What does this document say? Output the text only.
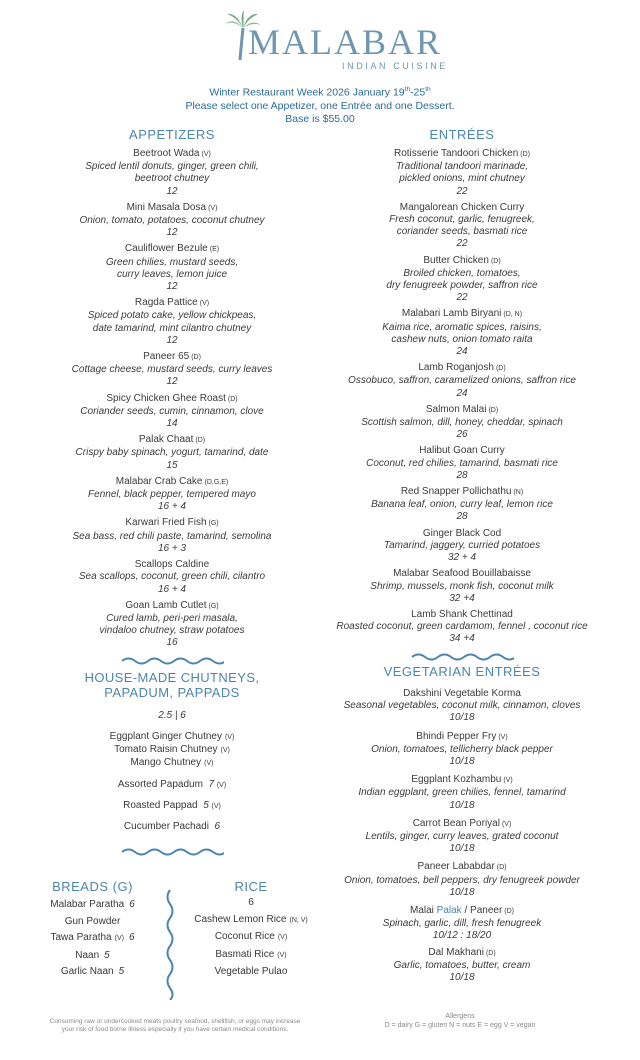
MALABAR
INDIAN CUISINE
Winter Restaurant Week 2026 January 19th-25th
Please select one Appetizer, one Entrée and one Dessert.
Base is $55.00
APPETIZERS
Beetroot Wada (V)
Spiced lentil donuts, ginger, green chili,
beetroot chutney
12
Mini Masala Dosa (V)
Onion, tomato, potatoes, coconut chutney
12
Cauliflower Bezule (E)
Green chilies, mustard seeds,
curry leaves, lemon juice
12
Ragda Pattice (V)
Spiced potato cake, yellow chickpeas,
date tamarind, mint cilantro chutney
12
Paneer 65 (D)
Cottage cheese, mustard seeds, curry leaves
12
Spicy Chicken Ghee Roast (D)
Coriander seeds, cumin, cinnamon, clove
14
Palak Chaat (D)
Crispy baby spinach, yogurt, tamarind, date
15
Malabar Crab Cake (D,G,E)
Fennel, black pepper, tempered mayo
16 + 4
Karwari Fried Fish (G)
Sea bass, red chili paste, tamarind, semolina
16 + 3
Scallops Caldine
Sea scallops, coconut, green chili, cilantro
16 + 4
Goan Lamb Cutlet (G)
Cured lamb, peri-peri masala,
vindaloo chutney, straw potatoes
16
ENTRÉES
Rotisserie Tandoori Chicken (D)
Traditional tandoori marinade,
pickled onions, mint chutney
22
Mangalorean Chicken Curry
Fresh coconut, garlic, fenugreek,
coriander seeds, basmati rice
22
Butter Chicken (D)
Broiled chicken, tomatoes,
dry fenugreek powder, saffron rice
22
Malabari Lamb Biryani (D, N)
Kaima rice, aromatic spices, raisins,
cashew nuts, onion tomato raita
24
Lamb Roganjosh (D)
Ossobuco, saffron, caramelized onions, saffron rice
24
Salmon Malai (D)
Scottish salmon, dill, honey, cheddar, spinach
26
Halibut Goan Curry
Coconut, red chilies, tamarind, basmati rice
28
Red Snapper Pollichathu (N)
Banana leaf, onion, curry leaf, lemon rice
28
Ginger Black Cod
Tamarind, jaggery, curried potatoes
32 + 4
Malabar Seafood Bouillabaisse
Shrimp, mussels, monk fish, coconut milk
32 +4
Lamb Shank Chettinad
Roasted coconut, green cardamom, fennel , coconut rice
34 +4
HOUSE-MADE CHUTNEYS,
PAPADUM, PAPPADS
2.5 | 6
Eggplant Ginger Chutney (V)
Tomato Raisin Chutney (V)
Mango Chutney (V)
Assorted Papadum 7 (V)
Roasted Pappad 5 (V)
Cucumber Pachadi 6
VEGETARIAN ENTRÉES
Dakshini Vegetable Korma
Seasonal vegetables, coconut milk, cinnamon, cloves
10/18
Bhindi Pepper Fry (V)
Onion, tomatoes, tellicherry black pepper
10/18
Eggplant Kozhambu (V)
Indian eggplant, green chilies, fennel, tamarind
10/18
Carrot Bean Poriyal (V)
Lentils, ginger, curry leaves, grated coconut
10/18
Paneer Lababdar (D)
Onion, tomatoes, bell peppers, dry fenugreek powder
10/18
Malai Palak / Paneer (D)
Spinach, garlic, dill, fresh fenugreek
10/12 : 18/20
Dal Makhani (D)
Garlic, tomatoes, butter, cream
10/18
BREADS (G)
Malabar Paratha 6
Gun Powder
Tawa Paratha (V) 6
Naan 5
Garlic Naan 5
RICE
6
Cashew Lemon Rice (N, V)
Coconut Rice (V)
Basmati Rice (V)
Vegetable Pulao
Consuming raw or undercooked meats poultry seafood, shellfish, or eggs may increase
your risk of food borne illness especially if you have certain medical conditions.
Allergens
D = dairy G = gluten N = nuts E = egg V = vegan
